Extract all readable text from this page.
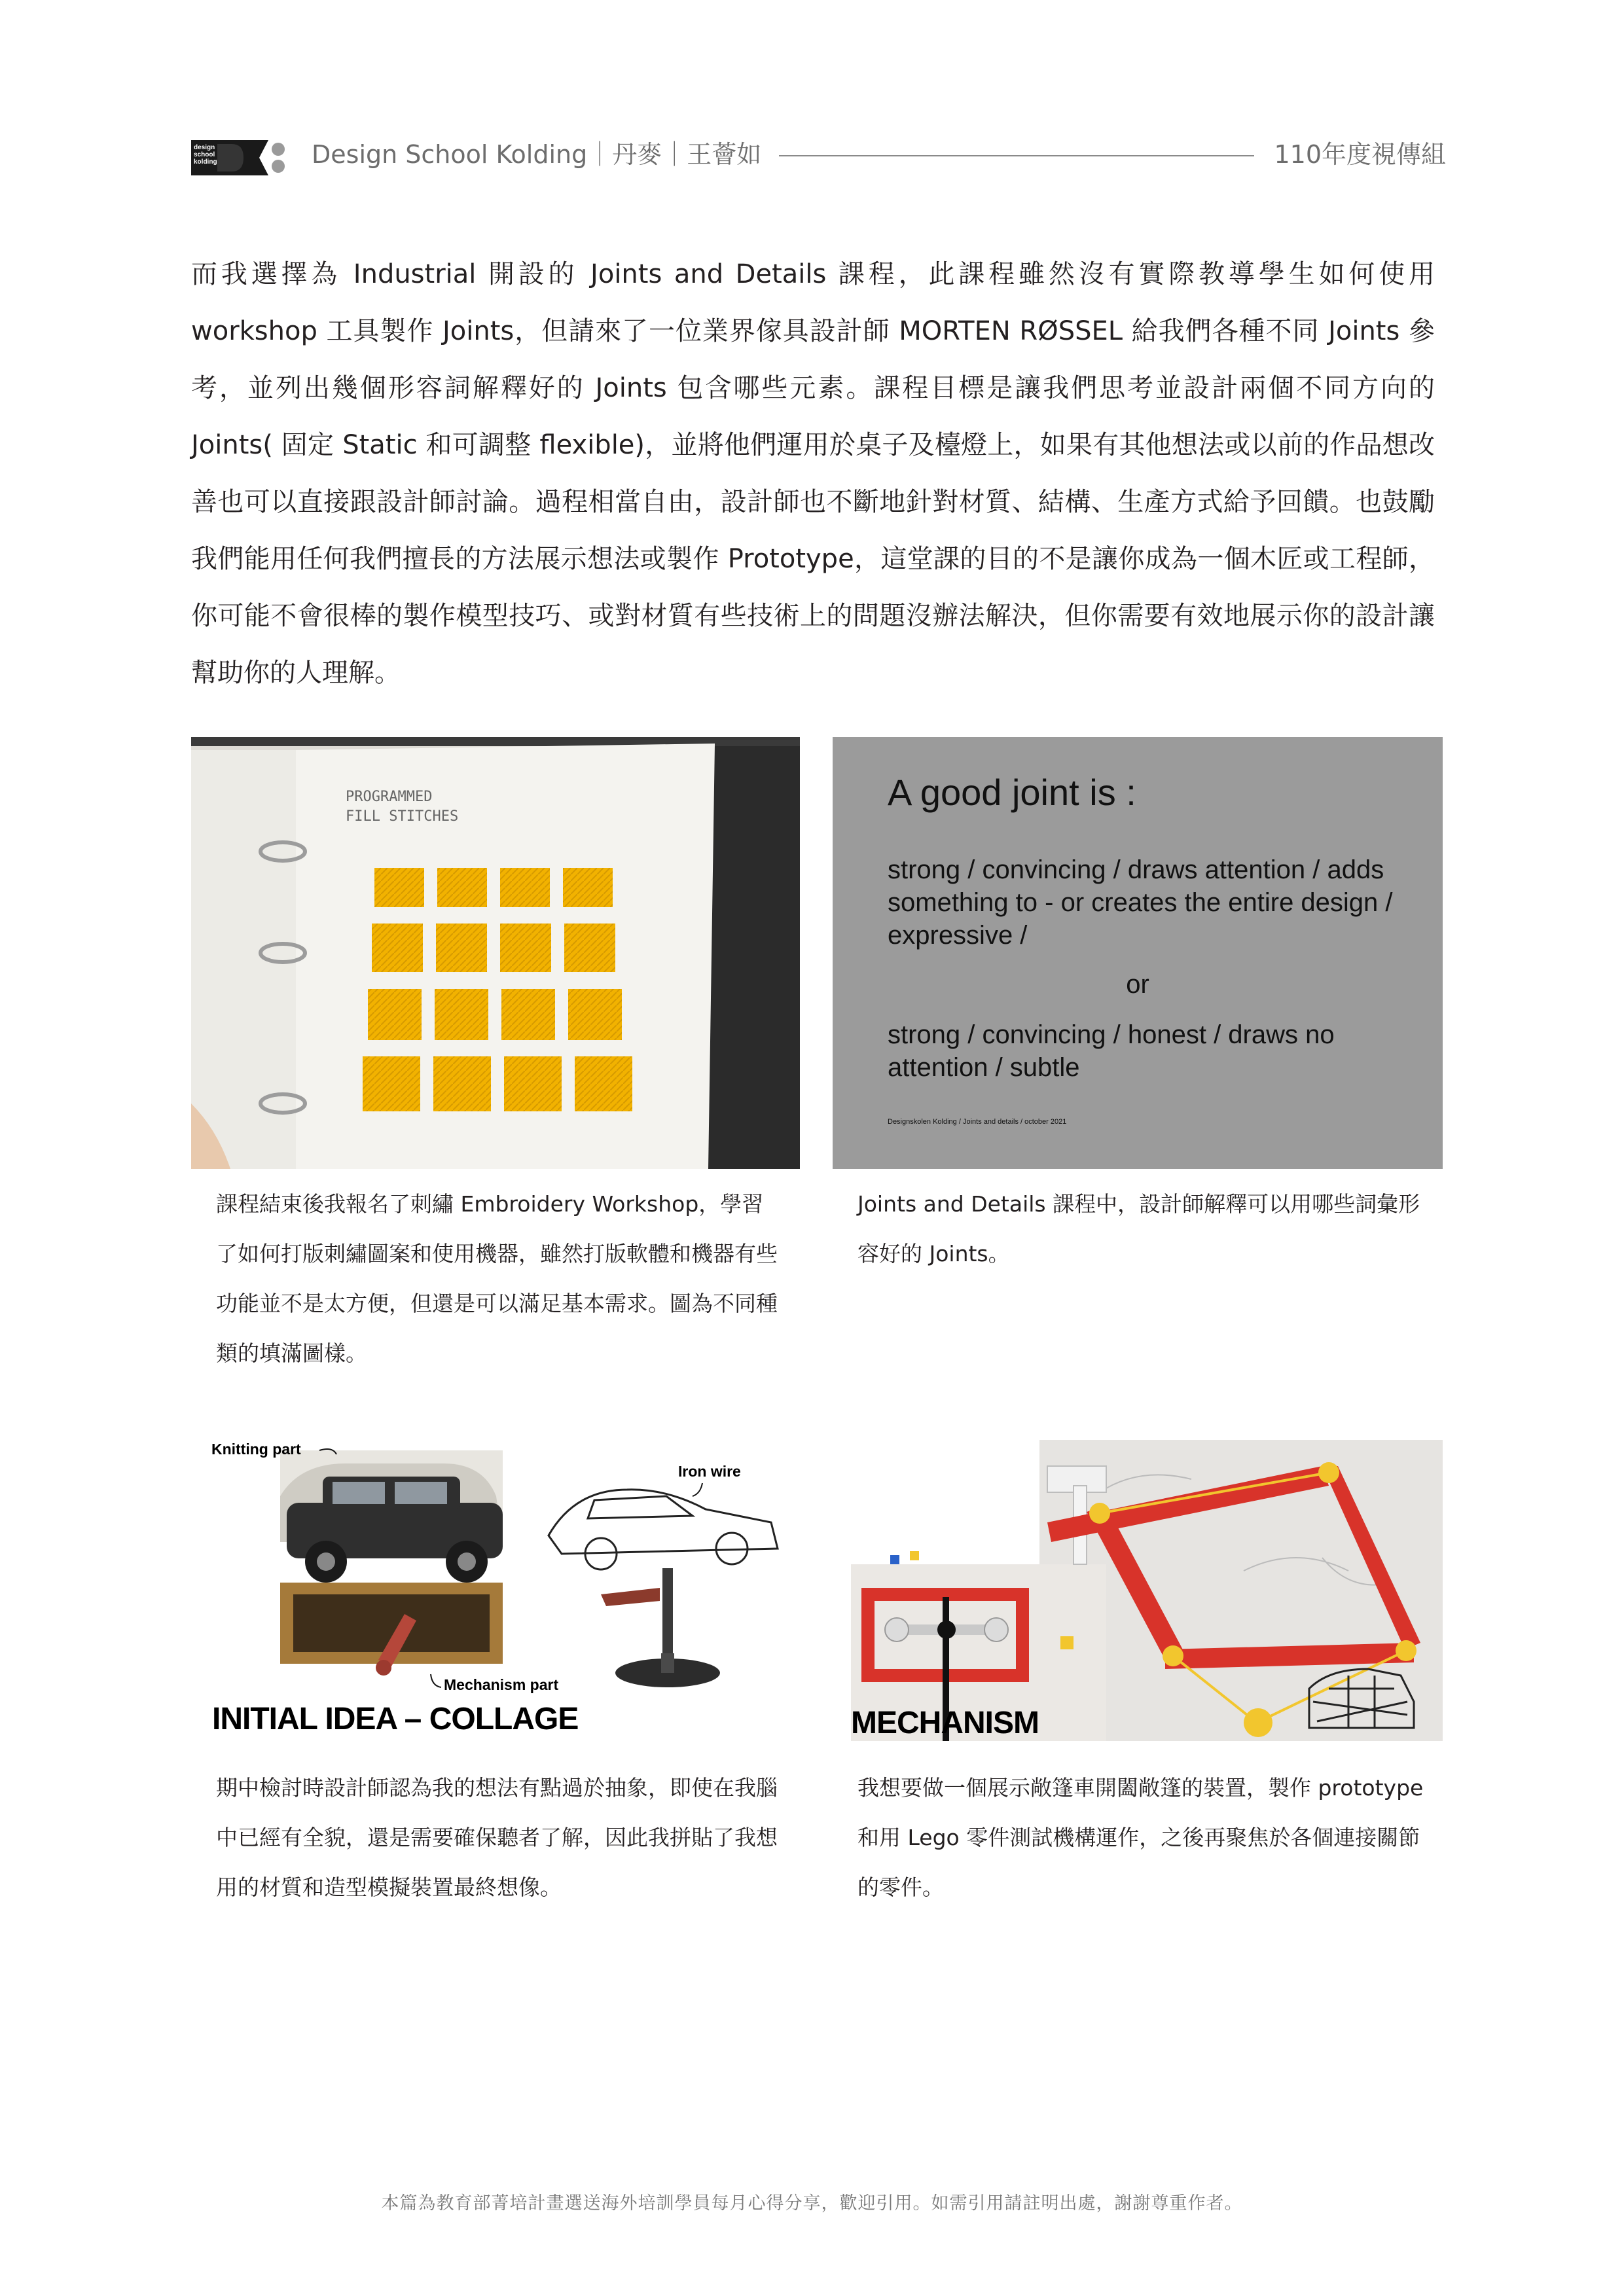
design
school
kolding	Design School Kolding｜丹麥｜王薈如	110年度視傳組
而我選擇為 Industrial 開設的 Joints and Details 課程，此課程雖然沒有實際教導學生如何使用 workshop 工具製作 Joints，但請來了一位業界傢具設計師 MORTEN RØSSEL 給我們各種不同 Joints 參考，並列出幾個形容詞解釋好的 Joints 包含哪些元素。課程目標是讓我們思考並設計兩個不同方向的 Joints( 固定 Static 和可調整 flexible)，並將他們運用於桌子及檯燈上，如果有其他想法或以前的作品想改善也可以直接跟設計師討論。過程相當自由，設計師也不斷地針對材質、結構、生產方式給予回饋。也鼓勵我們能用任何我們擅長的方法展示想法或製作 Prototype，這堂課的目的不是讓你成為一個木匠或工程師，你可能不會很棒的製作模型技巧、或對材質有些技術上的問題沒辦法解決，但你需要有效地展示你的設計讓幫助你的人理解。
PROGRAMMED
FILL STITCHES
A good joint is :
strong / convincing / draws attention / adds something to - or creates the entire design / expressive /
or
strong / convincing / honest / draws no attention / subtle
Designskolen Kolding / Joints and details / october 2021
課程結束後我報名了刺繡 Embroidery Workshop，學習了如何打版刺繡圖案和使用機器，雖然打版軟體和機器有些功能並不是太方便，但還是可以滿足基本需求。圖為不同種類的填滿圖樣。
Joints and Details 課程中，設計師解釋可以用哪些詞彙形容好的 Joints。
Knitting part
Iron wire
Mechanism part
INITIAL IDEA – COLLAGE	MECHANISM
期中檢討時設計師認為我的想法有點過於抽象，即使在我腦中已經有全貌，還是需要確保聽者了解，因此我拼貼了我想用的材質和造型模擬裝置最終想像。
我想要做一個展示敞篷車開闔敞篷的裝置，製作 prototype 和用 Lego 零件測試機構運作，之後再聚焦於各個連接關節的零件。
本篇為教育部菁培計畫選送海外培訓學員每月心得分享，歡迎引用。如需引用請註明出處，謝謝尊重作者。
